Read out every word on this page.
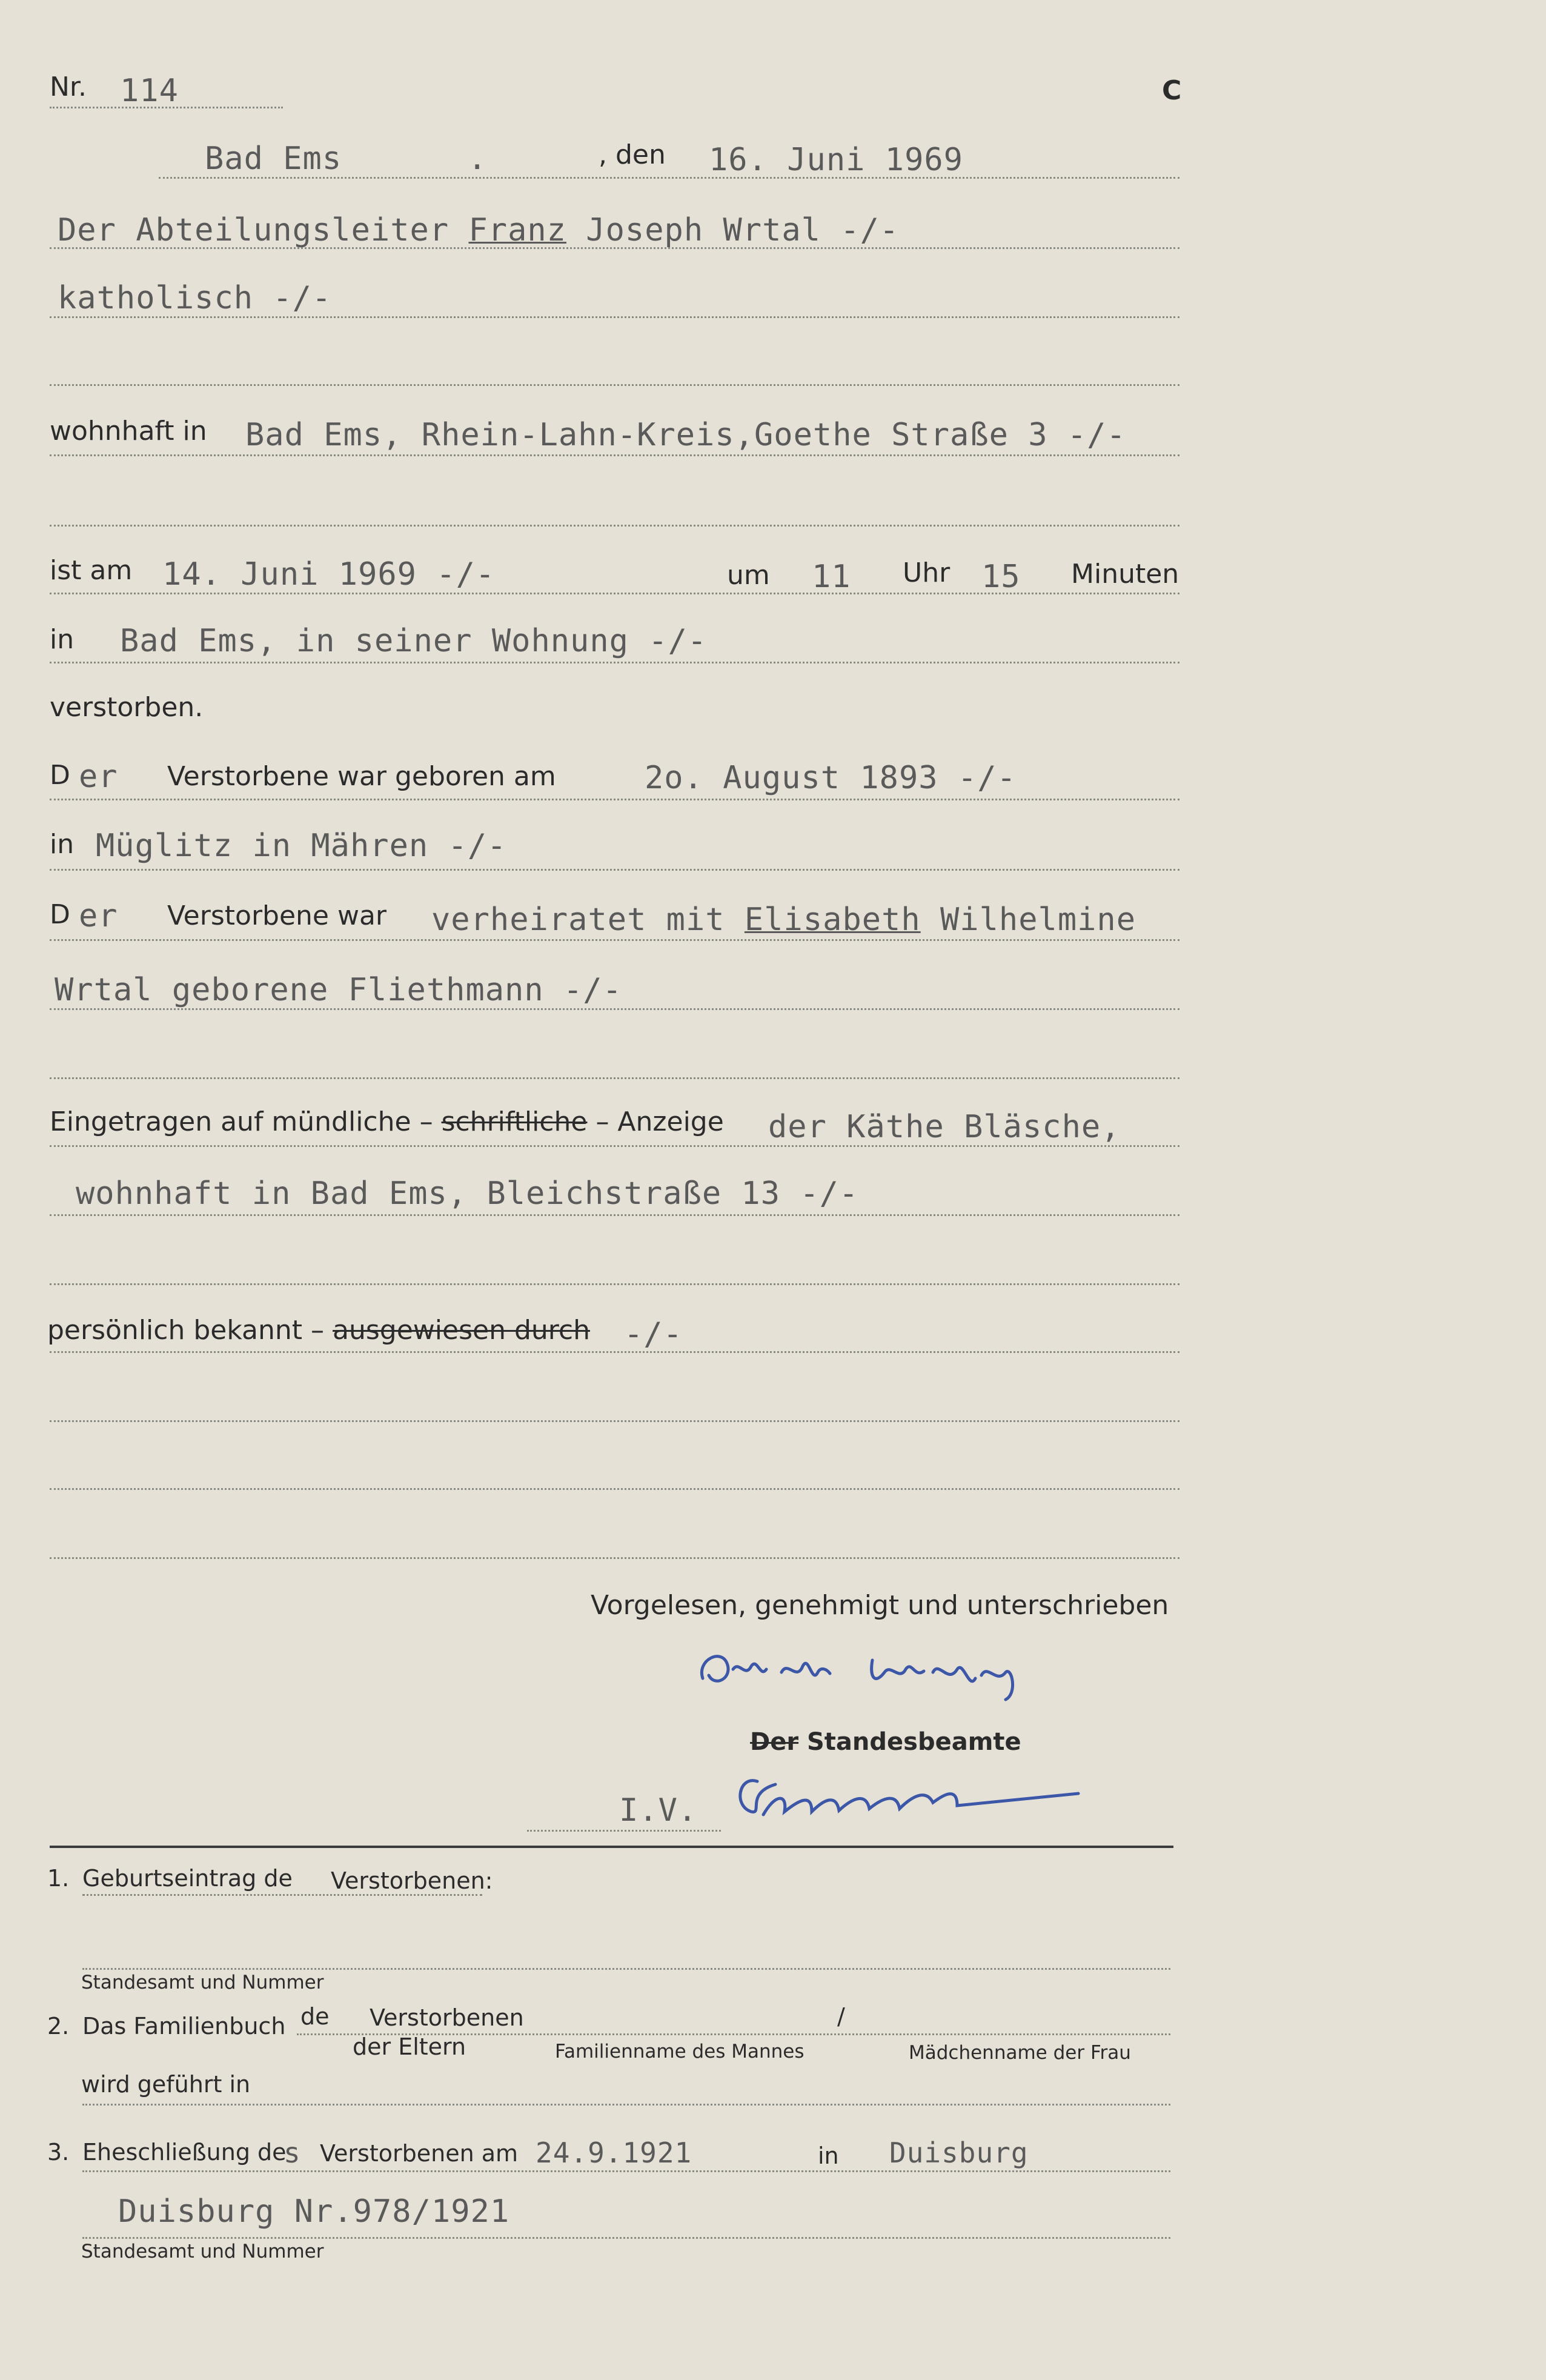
Nr. 114	C
Bad Ems	.	, den 16. Juni 1969
Der Abteilungsleiter Franz Joseph Wrtal -/-
katholisch -/-
wohnhaft in Bad Ems, Rhein-Lahn-Kreis,Goethe Straße 3 -/-
ist am 14. Juni 1969 -/-	um 11 Uhr 15 Minuten
in Bad Ems, in seiner Wohnung -/-
verstorben.
D er Verstorbene war geboren am	2o. August 1893 -/-
in Müglitz in Mähren -/-
D er Verstorbene war verheiratet mit Elisabeth Wilhelmine
Wrtal geborene Fliethmann -/-
Eingetragen auf mündliche – schriftliche – Anzeige der Käthe Bläsche,
wohnhaft in Bad Ems, Bleichstraße 13 -/-
persönlich bekannt – ausgewiesen durch -/-
Vorgelesen, genehmigt und unterschrieben
Der Standesbeamte
I.V.
1. Geburtseintrag de Verstorbenen:
Standesamt und Nummer
2. Das Familienbuch de Verstorbenen	/
der Eltern	Familienname des Mannes	Mädchenname der Frau
wird geführt in
3. Eheschließung de
s Verstorbenen am 24.9.1921	in Duisburg
Duisburg Nr.978/1921
Standesamt und Nummer
